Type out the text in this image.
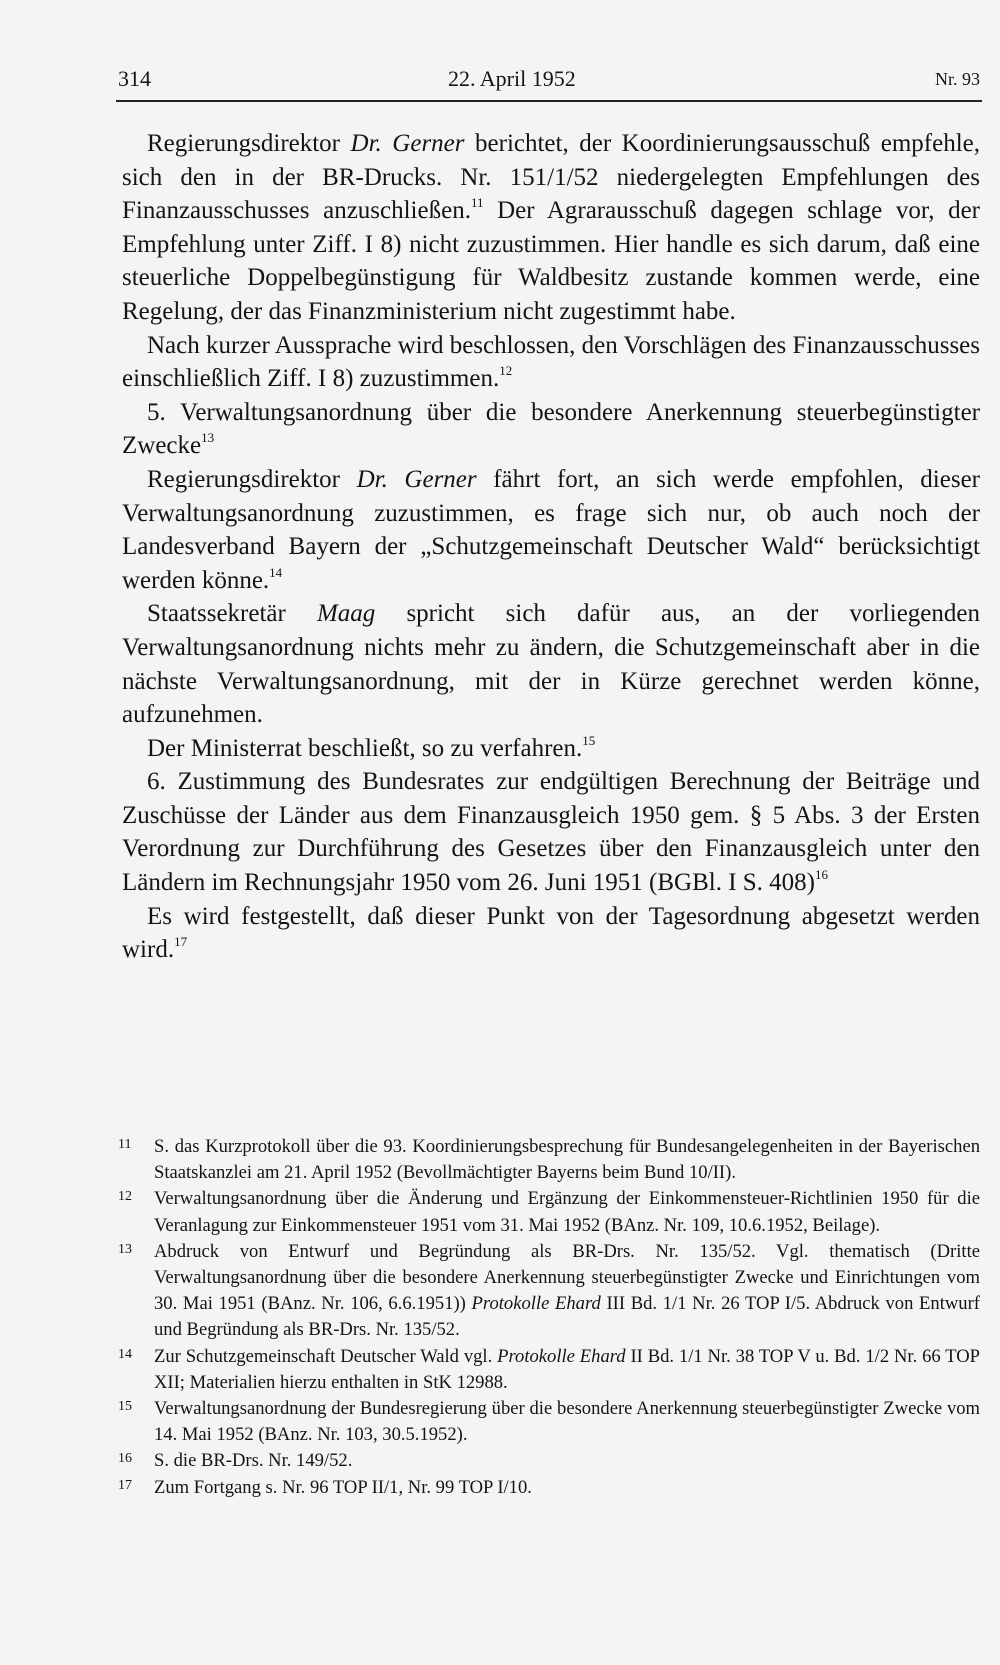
314	22. April 1952	Nr. 93

Regierungsdirektor Dr. Gerner berichtet, der Koordinierungsausschuß empfehle, sich den in der BR-Drucks. Nr. 151/1/52 niedergelegten Empfehlungen des Finanzausschusses anzuschließen.$^{11}$ Der Agrarausschuß dagegen schlage vor, der Empfehlung unter Ziff. I 8) nicht zuzustimmen. Hier handle es sich darum, daß eine steuerliche Doppelbegünstigung für Waldbesitz zustande kommen werde, eine Regelung, der das Finanzministerium nicht zugestimmt habe.

Nach kurzer Aussprache wird beschlossen, den Vorschlägen des Finanzausschusses einschließlich Ziff. I 8) zuzustimmen.$^{12}$

5. Verwaltungsanordnung über die besondere Anerkennung steuerbegünstigter Zwecke$^{13}$

Regierungsdirektor Dr. Gerner fährt fort, an sich werde empfohlen, dieser Verwaltungsanordnung zuzustimmen, es frage sich nur, ob auch noch der Landesverband Bayern der „Schutzgemeinschaft Deutscher Wald“ berücksichtigt werden könne.$^{14}$

Staatssekretär Maag spricht sich dafür aus, an der vorliegenden Verwaltungsanordnung nichts mehr zu ändern, die Schutzgemeinschaft aber in die nächste Verwaltungsanordnung, mit der in Kürze gerechnet werden könne, aufzunehmen.

Der Ministerrat beschließt, so zu verfahren.$^{15}$

6. Zustimmung des Bundesrates zur endgültigen Berechnung der Beiträge und Zuschüsse der Länder aus dem Finanzausgleich 1950 gem. § 5 Abs. 3 der Ersten Verordnung zur Durchführung des Gesetzes über den Finanzausgleich unter den Ländern im Rechnungsjahr 1950 vom 26. Juni 1951 (BGBl. I S. 408)$^{16}$

Es wird festgestellt, daß dieser Punkt von der Tagesordnung abgesetzt werden wird.$^{17}$

11 S. das Kurzprotokoll über die 93. Koordinierungsbesprechung für Bundesangelegenheiten in der Bayerischen Staatskanzlei am 21. April 1952 (Bevollmächtigter Bayerns beim Bund 10/II).
12 Verwaltungsanordnung über die Änderung und Ergänzung der Einkommensteuer-Richtlinien 1950 für die Veranlagung zur Einkommensteuer 1951 vom 31. Mai 1952 (BAnz. Nr. 109, 10.6.1952, Beilage).
13 Abdruck von Entwurf und Begründung als BR-Drs. Nr. 135/52. Vgl. thematisch (Dritte Verwaltungsanordnung über die besondere Anerkennung steuerbegünstigter Zwecke und Einrichtungen vom 30. Mai 1951 (BAnz. Nr. 106, 6.6.1951)) Protokolle Ehard III Bd. 1/1 Nr. 26 TOP I/5. Abdruck von Entwurf und Begründung als BR-Drs. Nr. 135/52.
14 Zur Schutzgemeinschaft Deutscher Wald vgl. Protokolle Ehard II Bd. 1/1 Nr. 38 TOP V u. Bd. 1/2 Nr. 66 TOP XII; Materialien hierzu enthalten in StK 12988.
15 Verwaltungsanordnung der Bundesregierung über die besondere Anerkennung steuerbegünstigter Zwecke vom 14. Mai 1952 (BAnz. Nr. 103, 30.5.1952).
16 S. die BR-Drs. Nr. 149/52.
17 Zum Fortgang s. Nr. 96 TOP II/1, Nr. 99 TOP I/10.
